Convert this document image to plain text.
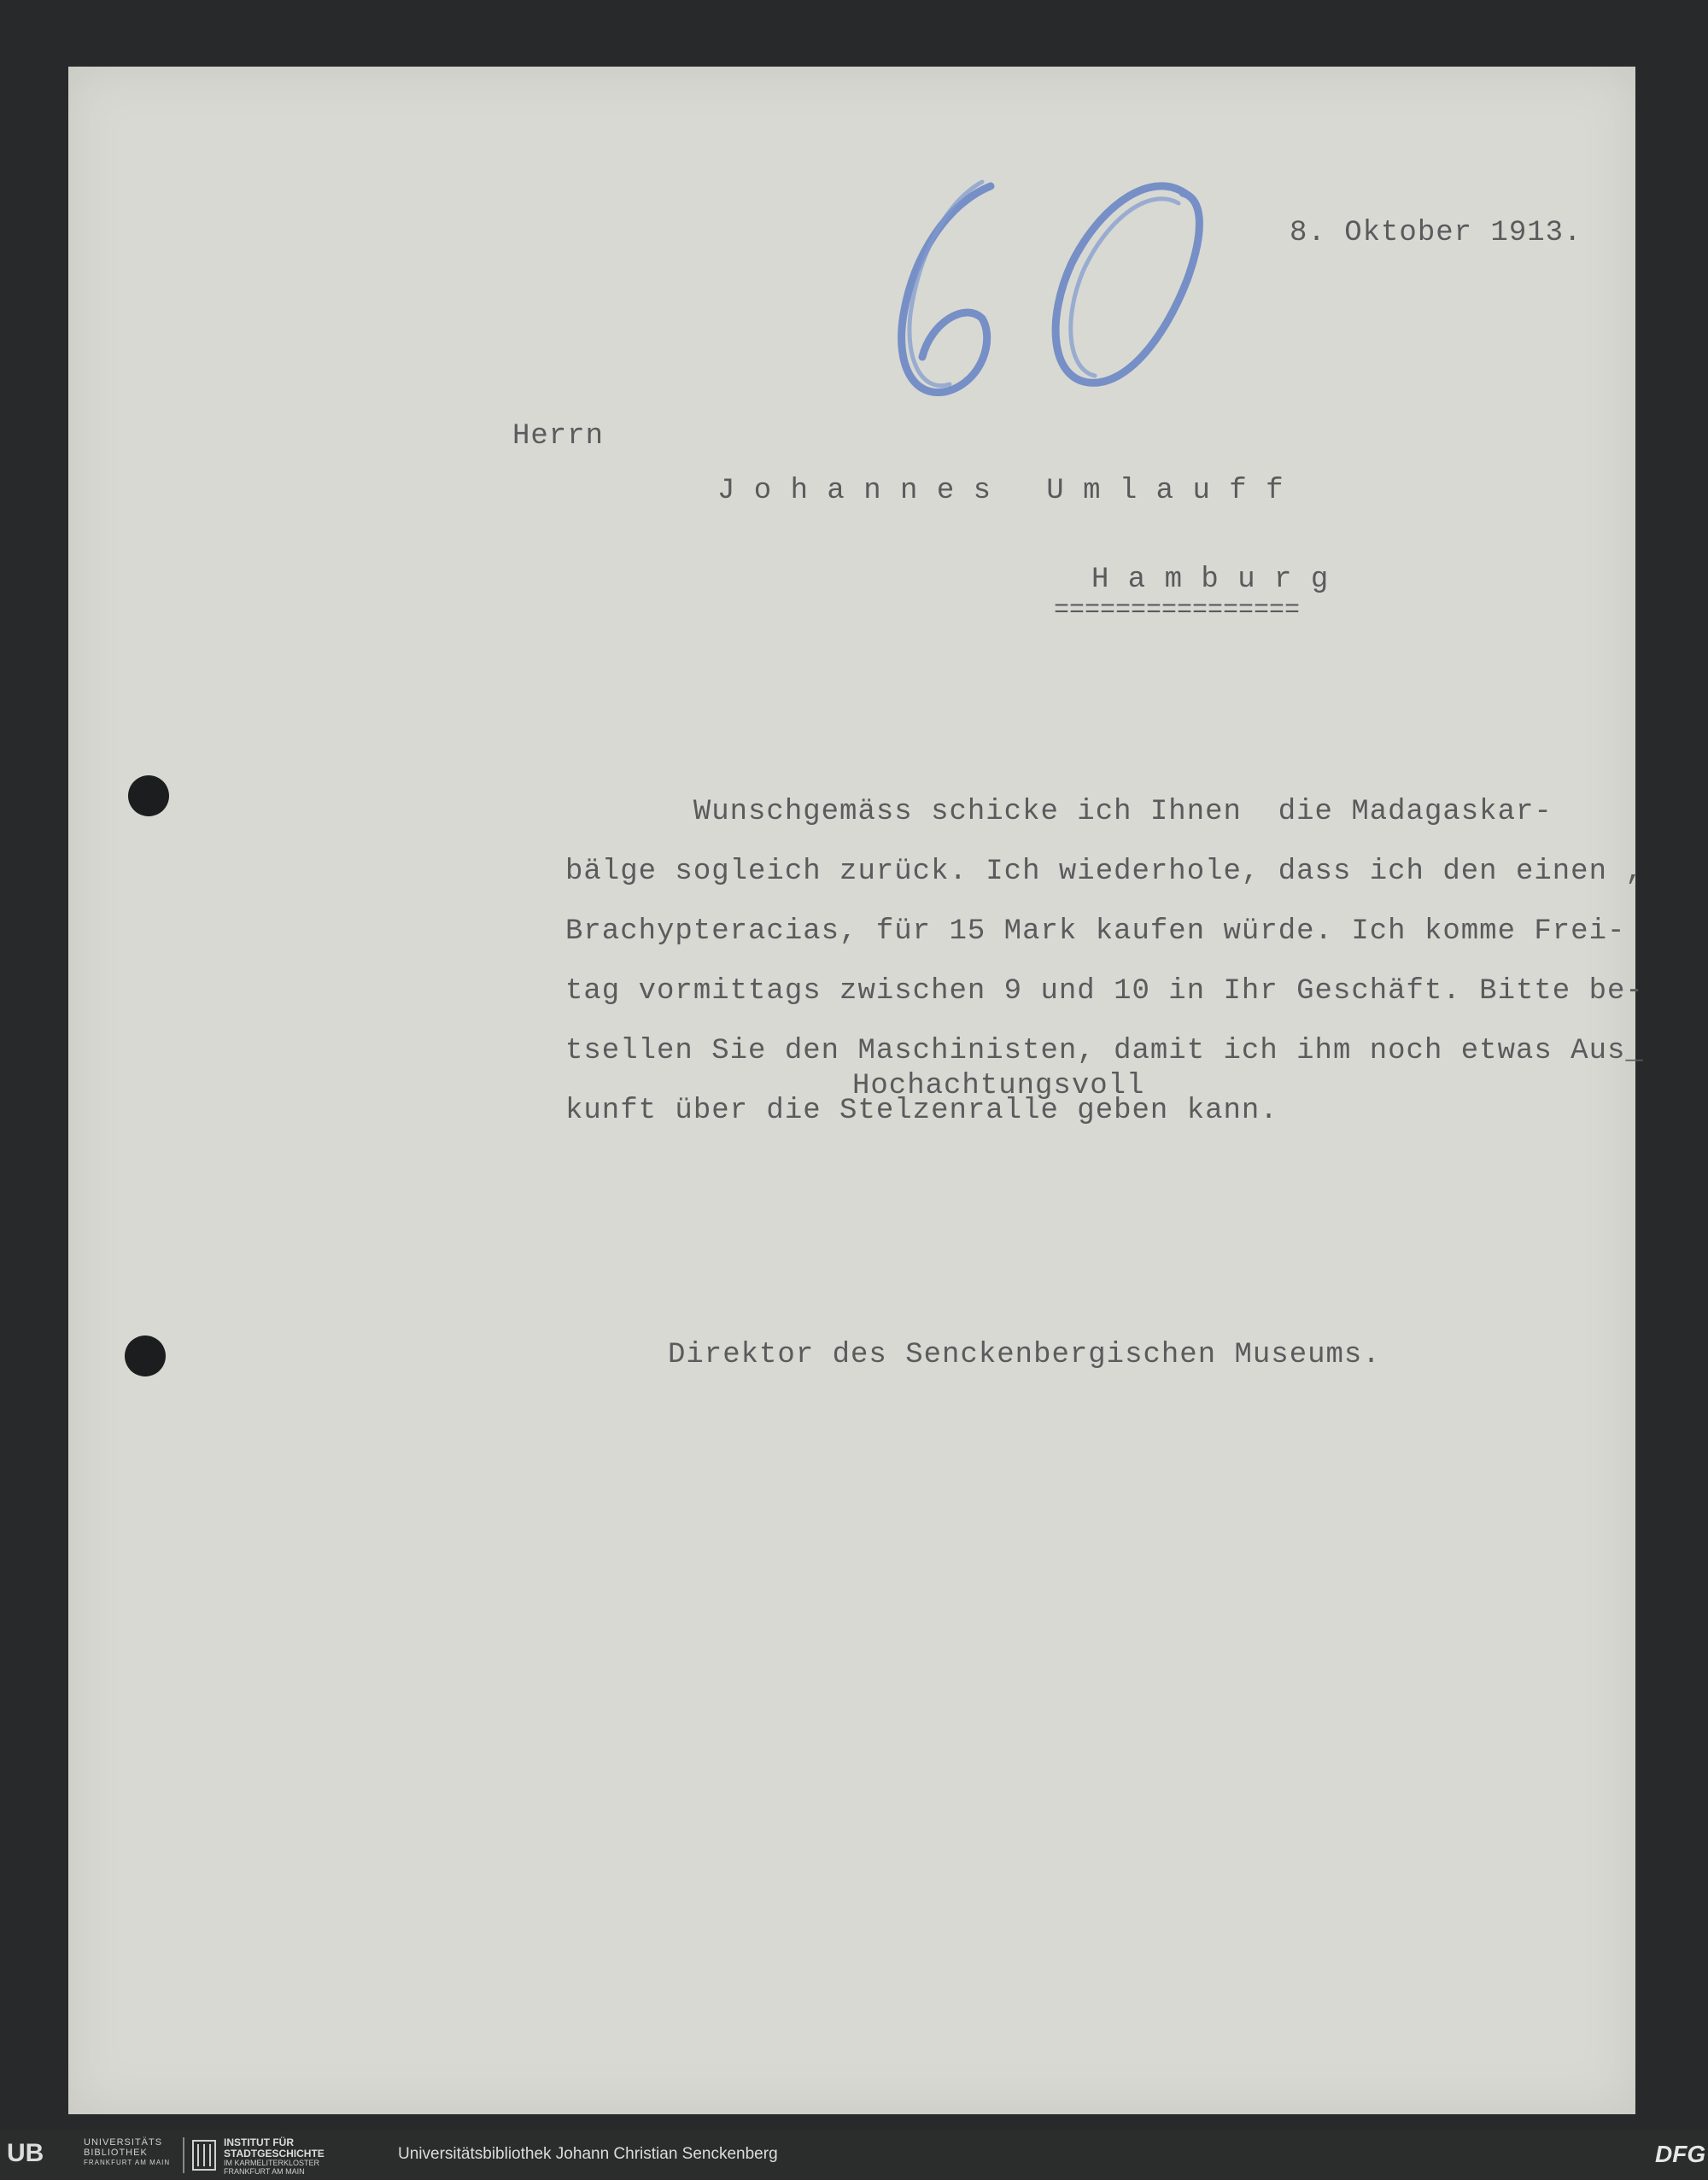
8. Oktober 1913.
Herrn
J o h a n n e s   U m l a u f f
H a m b u r g
================
Wunschgemäss schicke ich Ihnen  die Madagaskar-
bälge sogleich zurück. Ich wiederhole, dass ich den einen ,
Brachypteracias, für 15 Mark kaufen würde. Ich komme Frei-
tag vormittags zwischen 9 und 10 in Ihr Geschäft. Bitte be-
tsellen Sie den Maschinisten, damit ich ihm noch etwas Aus_
kunft über die Stelzenralle geben kann.
Hochachtungsvoll
Direktor des Senckenbergischen Museums.
UB	UNIVERSITÄTS
BIBLIOTHEK
FRANKFURT AM MAIN
INSTITUT FÜR
STADTGESCHICHTE
IM KARMELITERKLOSTER
FRANKFURT AM MAIN
Universitätsbibliothek Johann Christian Senckenberg	DFG
